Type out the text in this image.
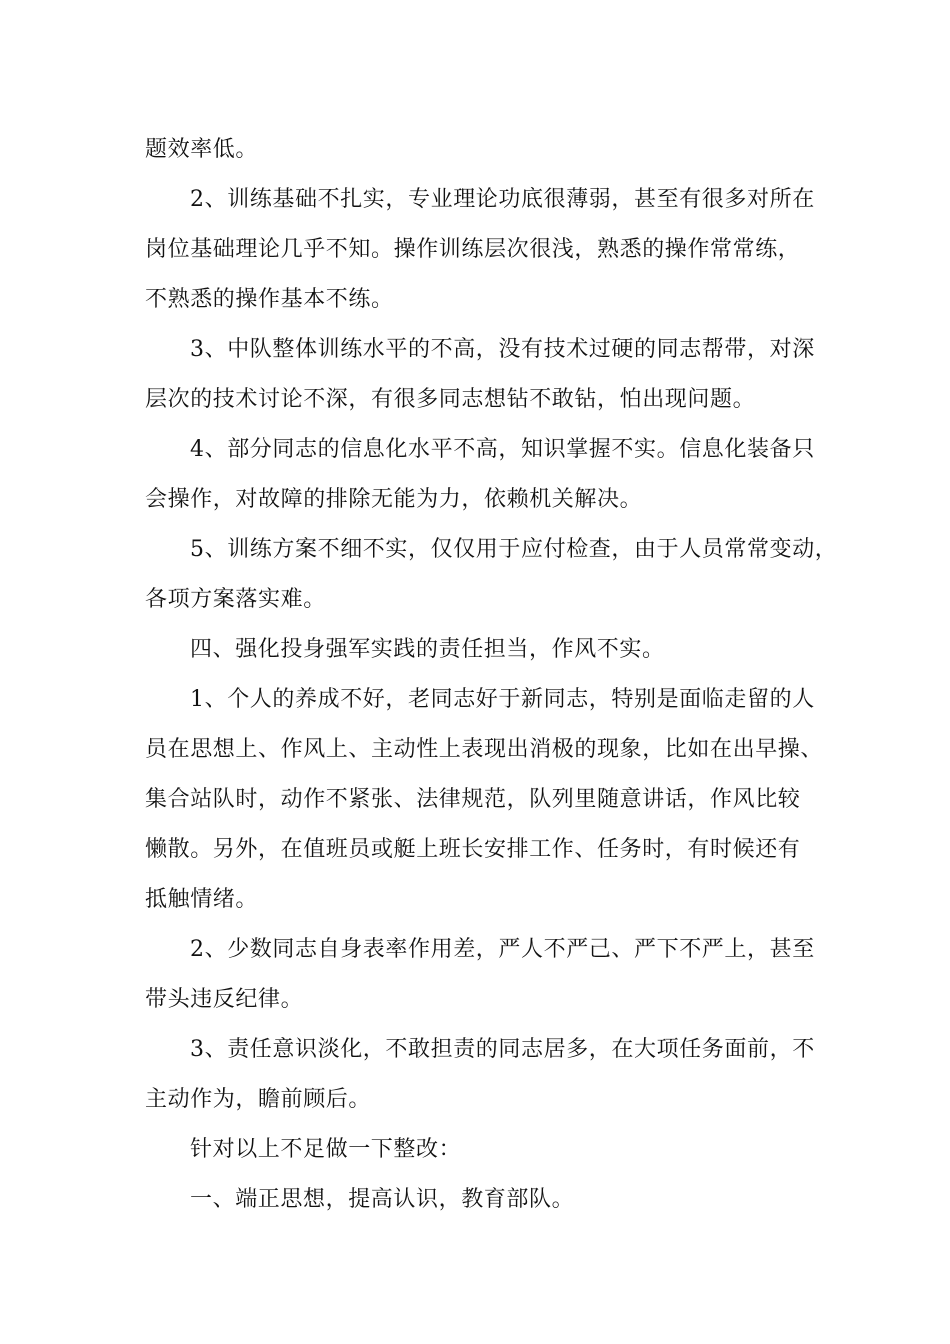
题效率低。
2、训练基础不扎实，专业理论功底很薄弱，甚至有很多对所在
岗位基础理论几乎不知。操作训练层次很浅，熟悉的操作常常练，
不熟悉的操作基本不练。
3、中队整体训练水平的不高，没有技术过硬的同志帮带，对深
层次的技术讨论不深，有很多同志想钻不敢钻，怕出现问题。
4、部分同志的信息化水平不高，知识掌握不实。信息化装备只
会操作，对故障的排除无能为力，依赖机关解决。
5、训练方案不细不实，仅仅用于应付检查，由于人员常常变动，
各项方案落实难。
四、强化投身强军实践的责任担当，作风不实。
1、个人的养成不好，老同志好于新同志，特别是面临走留的人
员在思想上、作风上、主动性上表现出消极的现象，比如在出早操、
集合站队时，动作不紧张、法律规范，队列里随意讲话，作风比较
懒散。另外，在值班员或艇上班长安排工作、任务时，有时候还有
抵触情绪。
2、少数同志自身表率作用差，严人不严己、严下不严上，甚至
带头违反纪律。
3、责任意识淡化，不敢担责的同志居多，在大项任务面前，不
主动作为，瞻前顾后。
针对以上不足做一下整改：
一、端正思想，提高认识，教育部队。
